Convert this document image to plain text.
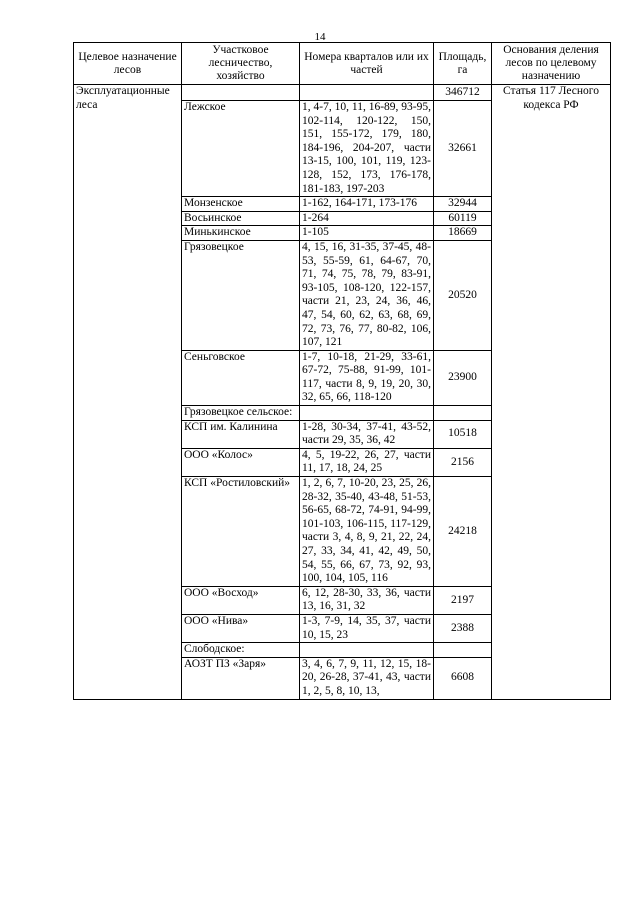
14
Целевое назначение лесов	Участковое лесничество, хозяйство	Номера кварталов или их частей	Площадь, га	Основания деления лесов по целевому назначению
Эксплуатационные леса			346712	Статья 117 Лесного кодекса РФ
	Лежское	1, 4-7, 10, 11, 16-89, 93-95, 102-114, 120-122, 150, 151, 155-172, 179, 180, 184-196, 204-207, части 13-15, 100, 101, 119, 123-128, 152, 173, 176-178, 181-183, 197-203	32661	
	Монзенское	1-162, 164-171, 173-176	32944	
	Восьинское	1-264	60119	
	Минькинское	1-105	18669	
	Грязовецкое	4, 15, 16, 31-35, 37-45, 48-53, 55-59, 61, 64-67, 70, 71, 74, 75, 78, 79, 83-91, 93-105, 108-120, 122-157, части 21, 23, 24, 36, 46, 47, 54, 60, 62, 63, 68, 69, 72, 73, 76, 77, 80-82, 106, 107, 121	20520	
	Сеньговское	1-7, 10-18, 21-29, 33-61, 67-72, 75-88, 91-99, 101-117, части 8, 9, 19, 20, 30, 32, 65, 66, 118-120	23900	
	Грязовецкое сельское:			
	КСП им. Калинина	1-28, 30-34, 37-41, 43-52, части 29, 35, 36, 42	10518	
	ООО «Колос»	4, 5, 19-22, 26, 27, части 11, 17, 18, 24, 25	2156	
	КСП «Ростиловский»	1, 2, 6, 7, 10-20, 23, 25, 26, 28-32, 35-40, 43-48, 51-53, 56-65, 68-72, 74-91, 94-99, 101-103, 106-115, 117-129, части 3, 4, 8, 9, 21, 22, 24, 27, 33, 34, 41, 42, 49, 50, 54, 55, 66, 67, 73, 92, 93, 100, 104, 105, 116	24218	
	ООО «Восход»	6, 12, 28-30, 33, 36, части 13, 16, 31, 32	2197	
	ООО «Нива»	1-3, 7-9, 14, 35, 37, части 10, 15, 23	2388	
	Слободское:			
	АОЗТ ПЗ «Заря»	3, 4, 6, 7, 9, 11, 12, 15, 18-20, 26-28, 37-41, 43, части 1, 2, 5, 8, 10, 13,	6608	
